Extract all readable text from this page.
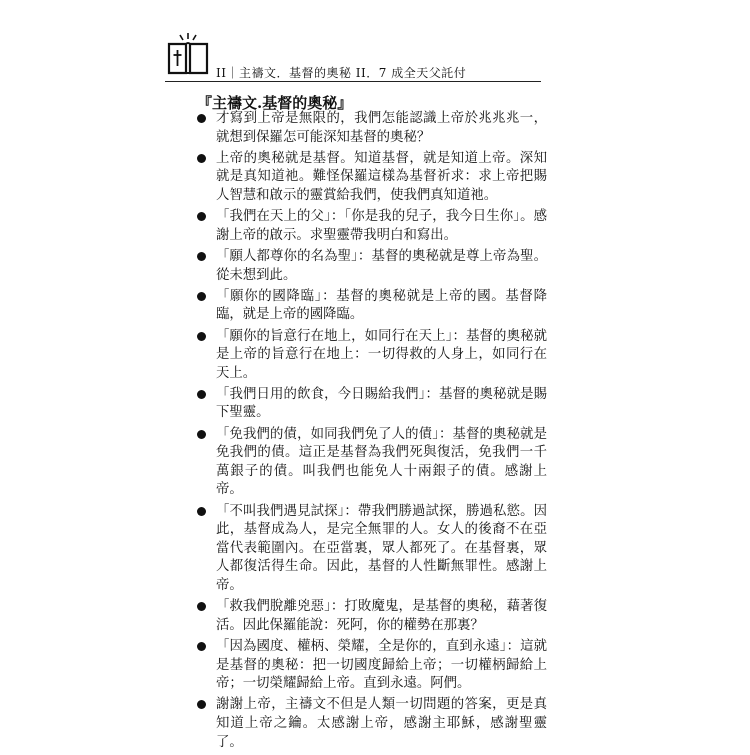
II｜主禱文．基督的奧秘 II．7 成全天父託付
『主禱文.基督的奧秘』
才寫到上帝是無限的，我們怎能認識上帝於兆兆兆一，就想到保羅怎可能深知基督的奧秘？
上帝的奧秘就是基督。知道基督，就是知道上帝。深知就是真知道祂。難怪保羅這樣為基督祈求：求上帝把賜人智慧和啟示的靈賞給我們，使我們真知道祂。
「我們在天上的父」：「你是我的兒子，我今日生你」。感謝上帝的啟示。求聖靈帶我明白和寫出。
「願人都尊你的名為聖」：基督的奧秘就是尊上帝為聖。從未想到此。
「願你的國降臨」：基督的奧秘就是上帝的國。基督降臨，就是上帝的國降臨。
「願你的旨意行在地上，如同行在天上」：基督的奧秘就是上帝的旨意行在地上：一切得救的人身上，如同行在天上。
「我們日用的飲食，今日賜給我們」：基督的奧秘就是賜下聖靈。
「免我們的債，如同我們免了人的債」：基督的奧秘就是免我們的債。這正是基督為我們死與復活，免我們一千萬銀子的債。叫我們也能免人十兩銀子的債。感謝上帝。
「不叫我們遇見試探」：帶我們勝過試探，勝過私慾。因此，基督成為人，是完全無罪的人。女人的後裔不在亞當代表範圍內。在亞當裏，眾人都死了。在基督裏，眾人都復活得生命。因此，基督的人性斷無罪性。感謝上帝。
「救我們脫離兇惡」：打敗魔鬼，是基督的奧秘，藉著復活。因此保羅能說：死阿，你的權勢在那裏？
「因為國度、權柄、榮耀，全是你的，直到永遠」：這就是基督的奧秘：把一切國度歸給上帝；一切權柄歸給上帝；一切榮耀歸給上帝。直到永遠。阿們。
謝謝上帝，主禱文不但是人類一切問題的答案，更是真知道上帝之鑰。太感謝上帝，感謝主耶穌，感謝聖靈了。
